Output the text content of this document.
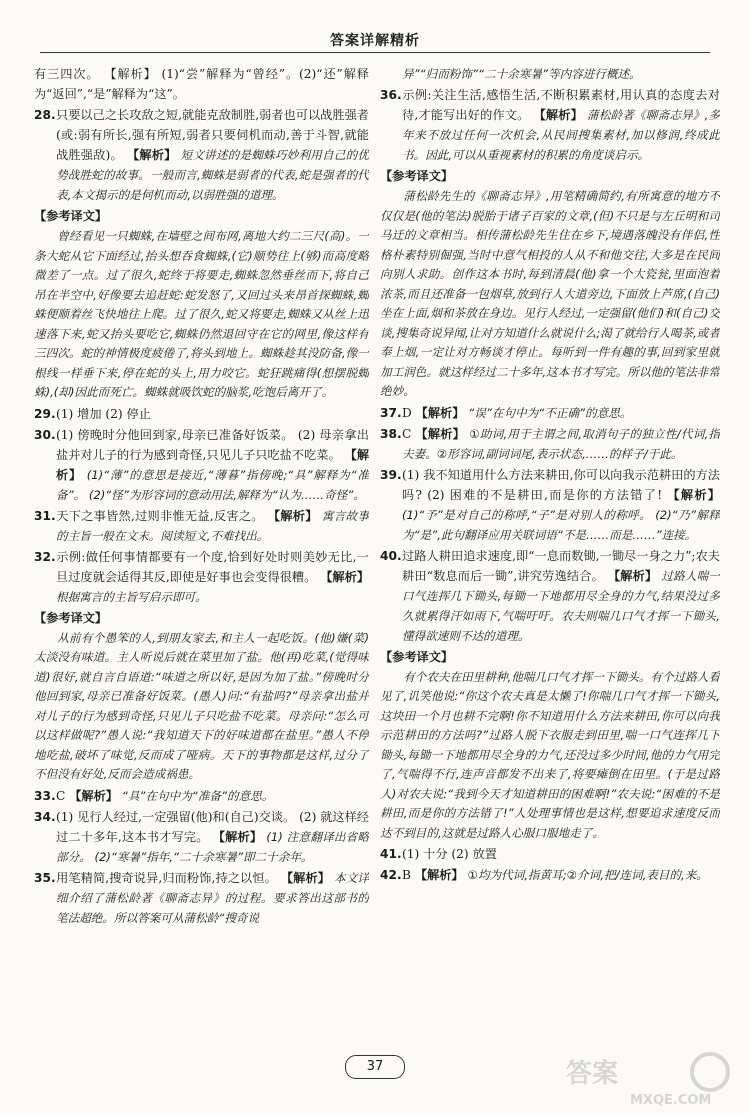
答案详解精析

有三四次。 【解析】 (1)“尝”解释为“曾经”。(2)“还”解释为“返回”,“是”解释为“这”。

28.只要以己之长攻敌之短,就能克敌制胜,弱者也可以战胜强者(或:弱有所长,强有所短,弱者只要伺机而动,善于斗智,就能战胜强敌)。 【解析】 短文讲述的是蜘蛛巧妙利用自己的优势战胜蛇的故事。一般而言,蜘蛛是弱者的代表,蛇是强者的代表,本文揭示的是伺机而动,以弱胜强的道理。

【参考译文】

曾经看见一只蜘蛛,在墙壁之间布网,离地大约二三尺(高)。一条大蛇从它下面经过,抬头想吞食蜘蛛,(它)顺势往上(够)而高度略微差了一点。过了很久,蛇终于将要走,蜘蛛忽然垂丝而下,将自己吊在半空中,好像要去追赶蛇:蛇发怒了,又回过头来昂首探蜘蛛,蜘蛛便顺着丝飞快地往上爬。过了很久,蛇又将要走,蜘蛛又从丝上迅速落下来,蛇又抬头要吃它,蜘蛛仍然退回守在它的网里,像这样有三四次。蛇的神情极度疲倦了,将头到地上。蜘蛛趁其没防备,像一根线一样垂下来,停在蛇的头上,用力咬它。蛇狂跳痛得(想摆脱蜘蛛),(却)因此而死亡。蜘蛛就吸饮蛇的脑浆,吃饱后离开了。

29.(1) 增加 (2) 停止

30.(1) 傍晚时分他回到家,母亲已准备好饭菜。 (2) 母亲拿出盐并对儿子的行为感到奇怪,只见儿子只吃盐不吃菜。 【解析】 (1)“薄”的意思是接近,“薄暮”指傍晚;“具”解释为“准备”。 (2)“怪”为形容词的意动用法,解释为“认为……奇怪”。

31.天下之事皆然,过则非惟无益,反害之。 【解析】 寓言故事的主旨一般在文末。阅读短文,不难找出。

32.示例:做任何事情都要有一个度,恰到好处时则美妙无比,一旦过度就会适得其反,即使是好事也会变得很糟。 【解析】 根据寓言的主旨写启示即可。

【参考译文】

从前有个愚笨的人,到朋友家去,和主人一起吃饭。(他)嫌(菜)太淡没有味道。主人听说后就在菜里加了盐。他(再)吃菜,(觉得味道)很好,就自言自语道:“味道之所以好,是因为加了盐。”傍晚时分他回到家,母亲已准备好饭菜。(愚人)问:“有盐吗?”母亲拿出盐并对儿子的行为感到奇怪,只见儿子只吃盐不吃菜。母亲问:“怎么可以这样做呢?”愚人说:“我知道天下的好味道都在盐里。”愚人不停地吃盐,破坏了味觉,反而成了哑病。天下的事物都是这样,过分了不但没有好处,反而会造成祸患。

33.C 【解析】 “具”在句中为“准备”的意思。

34.(1) 见行人经过,一定强留(他)和(自己)交谈。 (2) 就这样经过二十多年,这本书才写完。 【解析】 (1) 注意翻译出省略部分。 (2)“寒暑”指年,“二十余寒暑”即二十余年。

35.用笔精简,搜奇说异,归而粉饰,持之以恒。 【解析】 本文详细介绍了蒲松龄著《聊斋志异》的过程。要求答出这部书的笔法超绝。所以答案可从蒲松龄“搜奇说

异”“归而粉饰”“二十余寒暑”等内容进行概述。

36.示例:关注生活,感悟生活,不断积累素材,用认真的态度去对待,才能写出好的作文。 【解析】 蒲松龄著《聊斋志异》,多年来不放过任何一次机会,从民间搜集素材,加以修润,终成此书。因此,可以从重视素材的积累的角度谈启示。

【参考译文】

蒲松龄先生的《聊斋志异》,用笔精确简约,有所寓意的地方不仅仅是(他的笔法)脱胎于诸子百家的文章,(但)不只是与左丘明和司马迁的文章相当。相传蒲松龄先生住在乡下,境遇落魄没有伴侣,性格朴素特别倔强,当时中意气相投的人从不和他交往,大多是在民间向别人求助。创作这本书时,每到清晨(他)拿一个大瓷瓮,里面泡着浓茶,而且还准备一包烟草,放到行人大道旁边,下面放上芦席,(自己)坐在上面,烟和茶放在身边。见行人经过,一定强留(他们)和(自己)交谈,搜集奇说异闻,让对方知道什么就说什么;渴了就给行人喝茶,或者奉上烟,一定让对方畅谈才停止。每听到一件有趣的事,回到家里就加工润色。就这样经过二十多年,这本书才写完。所以他的笔法非常绝妙。

37.D 【解析】 “误”在句中为“不正确”的意思。

38.C 【解析】 ①助词,用于主谓之间,取消句子的独立性/代词,指夫妻。②形容词,副词词尾,表示状态,……的样子/于此。

39.(1) 我不知道用什么方法来耕田,你可以向我示范耕田的方法吗? (2) 困难的不是耕田,而是你的方法错了! 【解析】 (1)“予”是对自己的称呼,“子”是对别人的称呼。 (2)“乃”解释为“是”,此句翻译应用关联词语“不是……而是……”连接。

40.过路人耕田追求速度,即“一息而数锄,一锄尽一身之力”;农夫耕田“数息而后一锄”,讲究劳逸结合。 【解析】 过路人喘一口气连挥几下锄头,每锄一下地都用尽全身的力气,结果没过多久就累得汗如雨下,气喘吁吁。农夫则喘几口气才挥一下锄头,懂得欲速则不达的道理。

【参考译文】

有个农夫在田里耕种,他喘几口气才挥一下锄头。有个过路人看见了,讥笑他说:“你这个农夫真是太懒了!你喘几口气才挥一下锄头,这块田一个月也耕不完啊!你不知道用什么方法来耕田,你可以向我示范耕田的方法吗?”过路人脱下衣服走到田里,喘一口气连挥几下锄头,每锄一下地都用尽全身的力气,还没过多少时间,他的力气用完了,气喘得不行,连声音都发不出来了,将要瘫倒在田里。(于是过路人)对农夫说:“我到今天才知道耕田的困难啊!”农夫说:“困难的不是耕田,而是你的方法错了!”人处理事情也是这样,想要追求速度反而达不到目的,这就是过路人心服口服地走了。

41.(1) 十分 (2) 放置

42.B 【解析】 ①均为代词,指黄耳;②介词,把/连词,表目的,来。

37	答案
MXQE.COM
